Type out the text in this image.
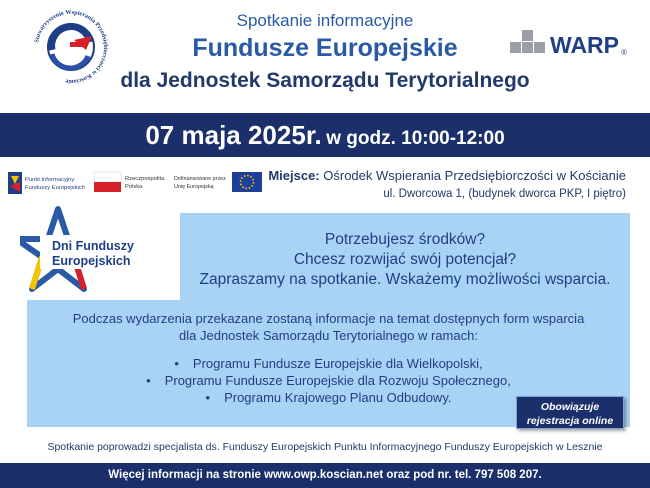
Stowarzyszenie Wspierania Przedsiębiorczości w Kościanie
Spotkanie informacyjne
Fundusze Europejskie
dla Jednostek Samorządu Terytorialnego
WARP ®
07 maja 2025r. w godz. 10:00-12:00
Punkt Informacyjny
Funduszy Europejskich
Rzeczpospolita
Polska
Dofinansowane przez
Unię Europejską
Miejsce: Ośrodek Wspierania Przedsiębiorczości w Kościanie
ul. Dworcowa 1, (budynek dworca PKP, I piętro)
Potrzebujesz środków?
Chcesz rozwijać swój potencjał?
Zapraszamy na spotkanie. Wskażemy możliwości wsparcia.
Dni Funduszy
Europejskich
Podczas wydarzenia przekazane zostaną informacje na temat dostępnych form wsparcia
dla Jednostek Samorządu Terytorialnego w ramach:
• Programu Fundusze Europejskie dla Wielkopolski,
• Programu Fundusze Europejskie dla Rozwoju Społecznego,
• Programu Krajowego Planu Odbudowy.
Obowiązuje
rejestracja online
Spotkanie poprowadzi specjalista ds. Funduszy Europejskich Punktu Informacyjnego Funduszy Europejskich w Lesznie
Więcej informacji na stronie www.owp.koscian.net oraz pod nr. tel. 797 508 207.
